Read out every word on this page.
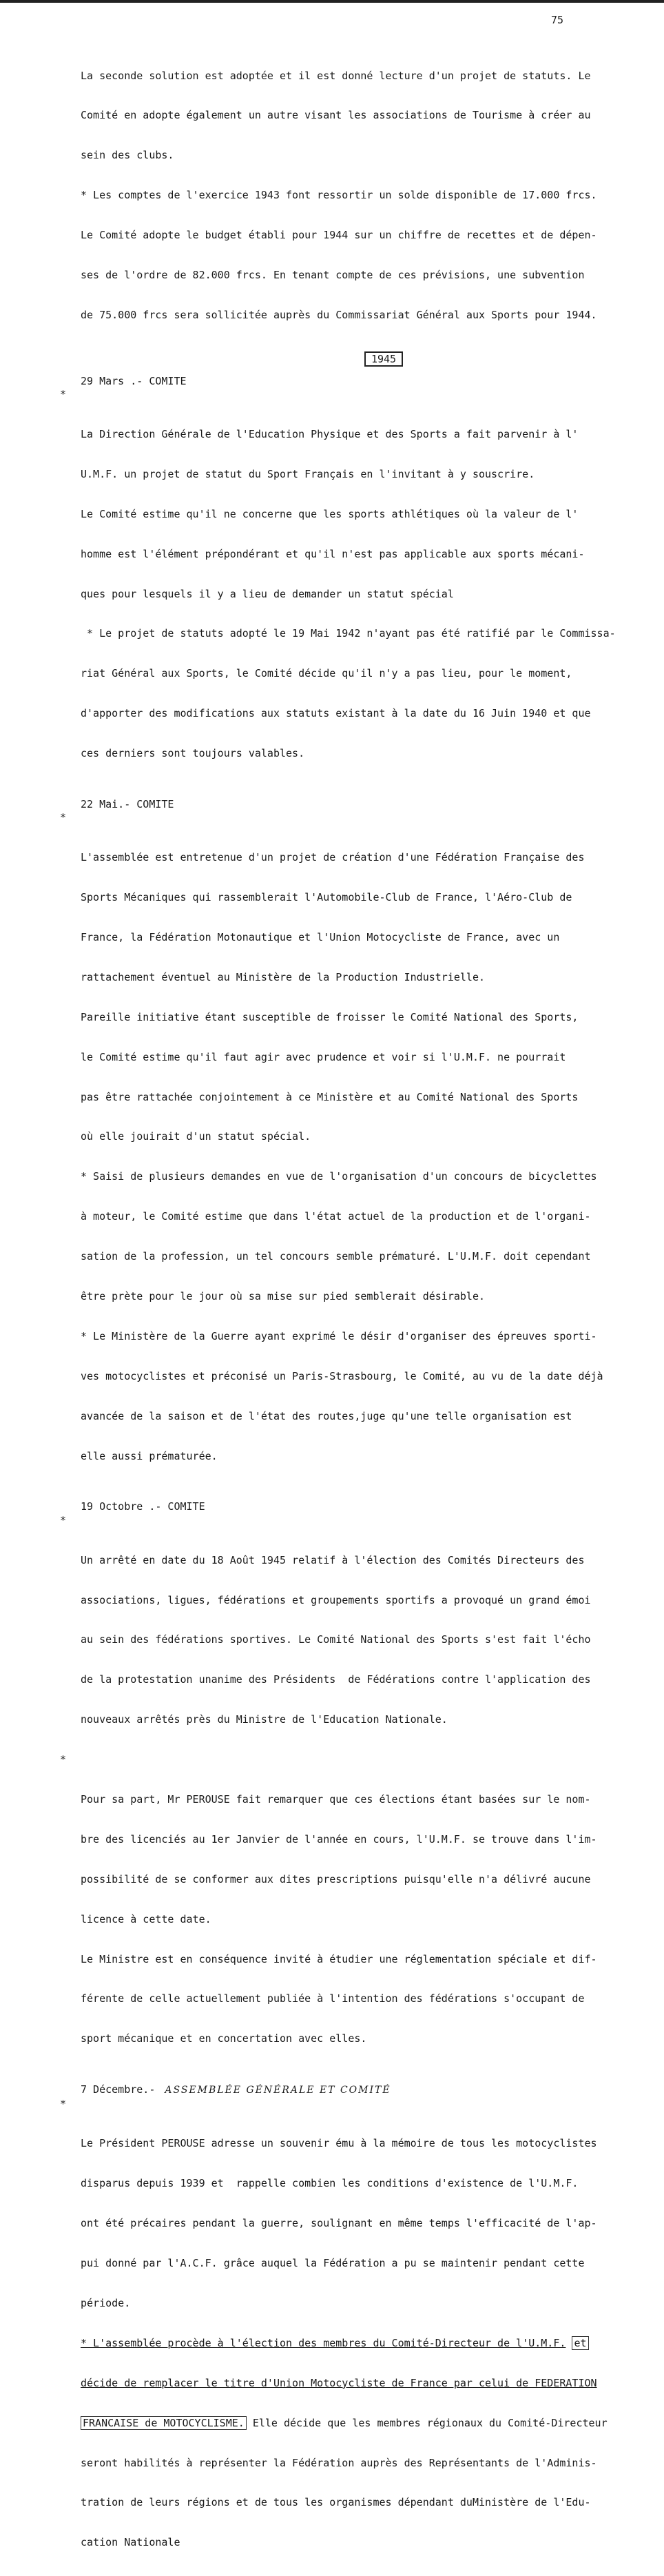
75

La seconde solution est adoptée et il est donné lecture d'un projet de statuts. Le

Comité en adopte également un autre visant les associations de Tourisme à créer au

sein des clubs.

* Les comptes de l'exercice 1943 font ressortir un solde disponible de 17.000 frcs.

Le Comité adopte le budget établi pour 1944 sur un chiffre de recettes et de dépen-

ses de l'ordre de 82.000 frcs. En tenant compte de ces prévisions, une subvention

de 75.000 frcs sera sollicitée auprès du Commissariat Général aux Sports pour 1944.

1945
29 Mars .- COMITE

*

La Direction Générale de l'Education Physique et des Sports a fait parvenir à l'

U.M.F. un projet de statut du Sport Français en l'invitant à y souscrire.

Le Comité estime qu'il ne concerne que les sports athlétiques où la valeur de l'

homme est l'élément prépondérant et qu'il n'est pas applicable aux sports mécani-

ques pour lesquels il y a lieu de demander un statut spécial

* Le projet de statuts adopté le 19 Mai 1942 n'ayant pas été ratifié par le Commissa-

riat Général aux Sports, le Comité décide qu'il n'y a pas lieu, pour le moment,

d'apporter des modifications aux statuts existant à la date du 16 Juin 1940 et que

ces derniers sont toujours valables.

22 Mai.- COMITE

*

L'assemblée est entretenue d'un projet de création d'une Fédération Française des

Sports Mécaniques qui rassemblerait l'Automobile-Club de France, l'Aéro-Club de

France, la Fédération Motonautique et l'Union Motocycliste de France, avec un

rattachement éventuel au Ministère de la Production Industrielle.

Pareille initiative étant susceptible de froisser le Comité National des Sports,

le Comité estime qu'il faut agir avec prudence et voir si l'U.M.F. ne pourrait

pas être rattachée conjointement à ce Ministère et au Comité National des Sports

où elle jouirait d'un statut spécial.

* Saisi de plusieurs demandes en vue de l'organisation d'un concours de bicyclettes

à moteur, le Comité estime que dans l'état actuel de la production et de l'organi-

sation de la profession, un tel concours semble prématuré. L'U.M.F. doit cependant

être prète pour le jour où sa mise sur pied semblerait désirable.

* Le Ministère de la Guerre ayant exprimé le désir d'organiser des épreuves sporti-

ves motocyclistes et préconisé un Paris-Strasbourg, le Comité, au vu de la date déjà

avancée de la saison et de l'état des routes,juge qu'une telle organisation est

elle aussi prématurée.

19 Octobre .- COMITE

*

Un arrêté en date du 18 Août 1945 relatif à l'élection des Comités Directeurs des

associations, ligues, fédérations et groupements sportifs a provoqué un grand émoi

au sein des fédérations sportives. Le Comité National des Sports s'est fait l'écho

de la protestation unanime des Présidents  de Fédérations contre l'application des

nouveaux arrêtés près du Ministre de l'Education Nationale.

*

Pour sa part, Mr PEROUSE fait remarquer que ces élections étant basées sur le nom-

bre des licenciés au 1er Janvier de l'année en cours, l'U.M.F. se trouve dans l'im-

possibilité de se conformer aux dites prescriptions puisqu'elle n'a délivré aucune

licence à cette date.

Le Ministre est en conséquence invité à étudier une réglementation spéciale et dif-

férente de celle actuellement publiée à l'intention des fédérations s'occupant de

sport mécanique et en concertation avec elles.

7 Décembre.- ASSEMBLÉE GÉNÉRALE ET COMITÉ

*

Le Président PEROUSE adresse un souvenir ému à la mémoire de tous les motocyclistes

disparus depuis 1939 et  rappelle combien les conditions d'existence de l'U.M.F.

ont été précaires pendant la guerre, soulignant en même temps l'efficacité de l'ap-

pui donné par l'A.C.F. grâce auquel la Fédération a pu se maintenir pendant cette

période.

* L'assemblée procède à l'élection des membres du Comité-Directeur de l'U.M.F. et

décide de remplacer le titre d'Union Motocycliste de France par celui de FEDERATION

FRANCAISE de MOTOCYCLISME. Elle décide que les membres régionaux du Comité-Directeur

seront habilités à représenter la Fédération auprès des Représentants de l'Adminis-

tration de leurs régions et de tous les organismes dépendant duMinistère de l'Edu-

cation Nationale
